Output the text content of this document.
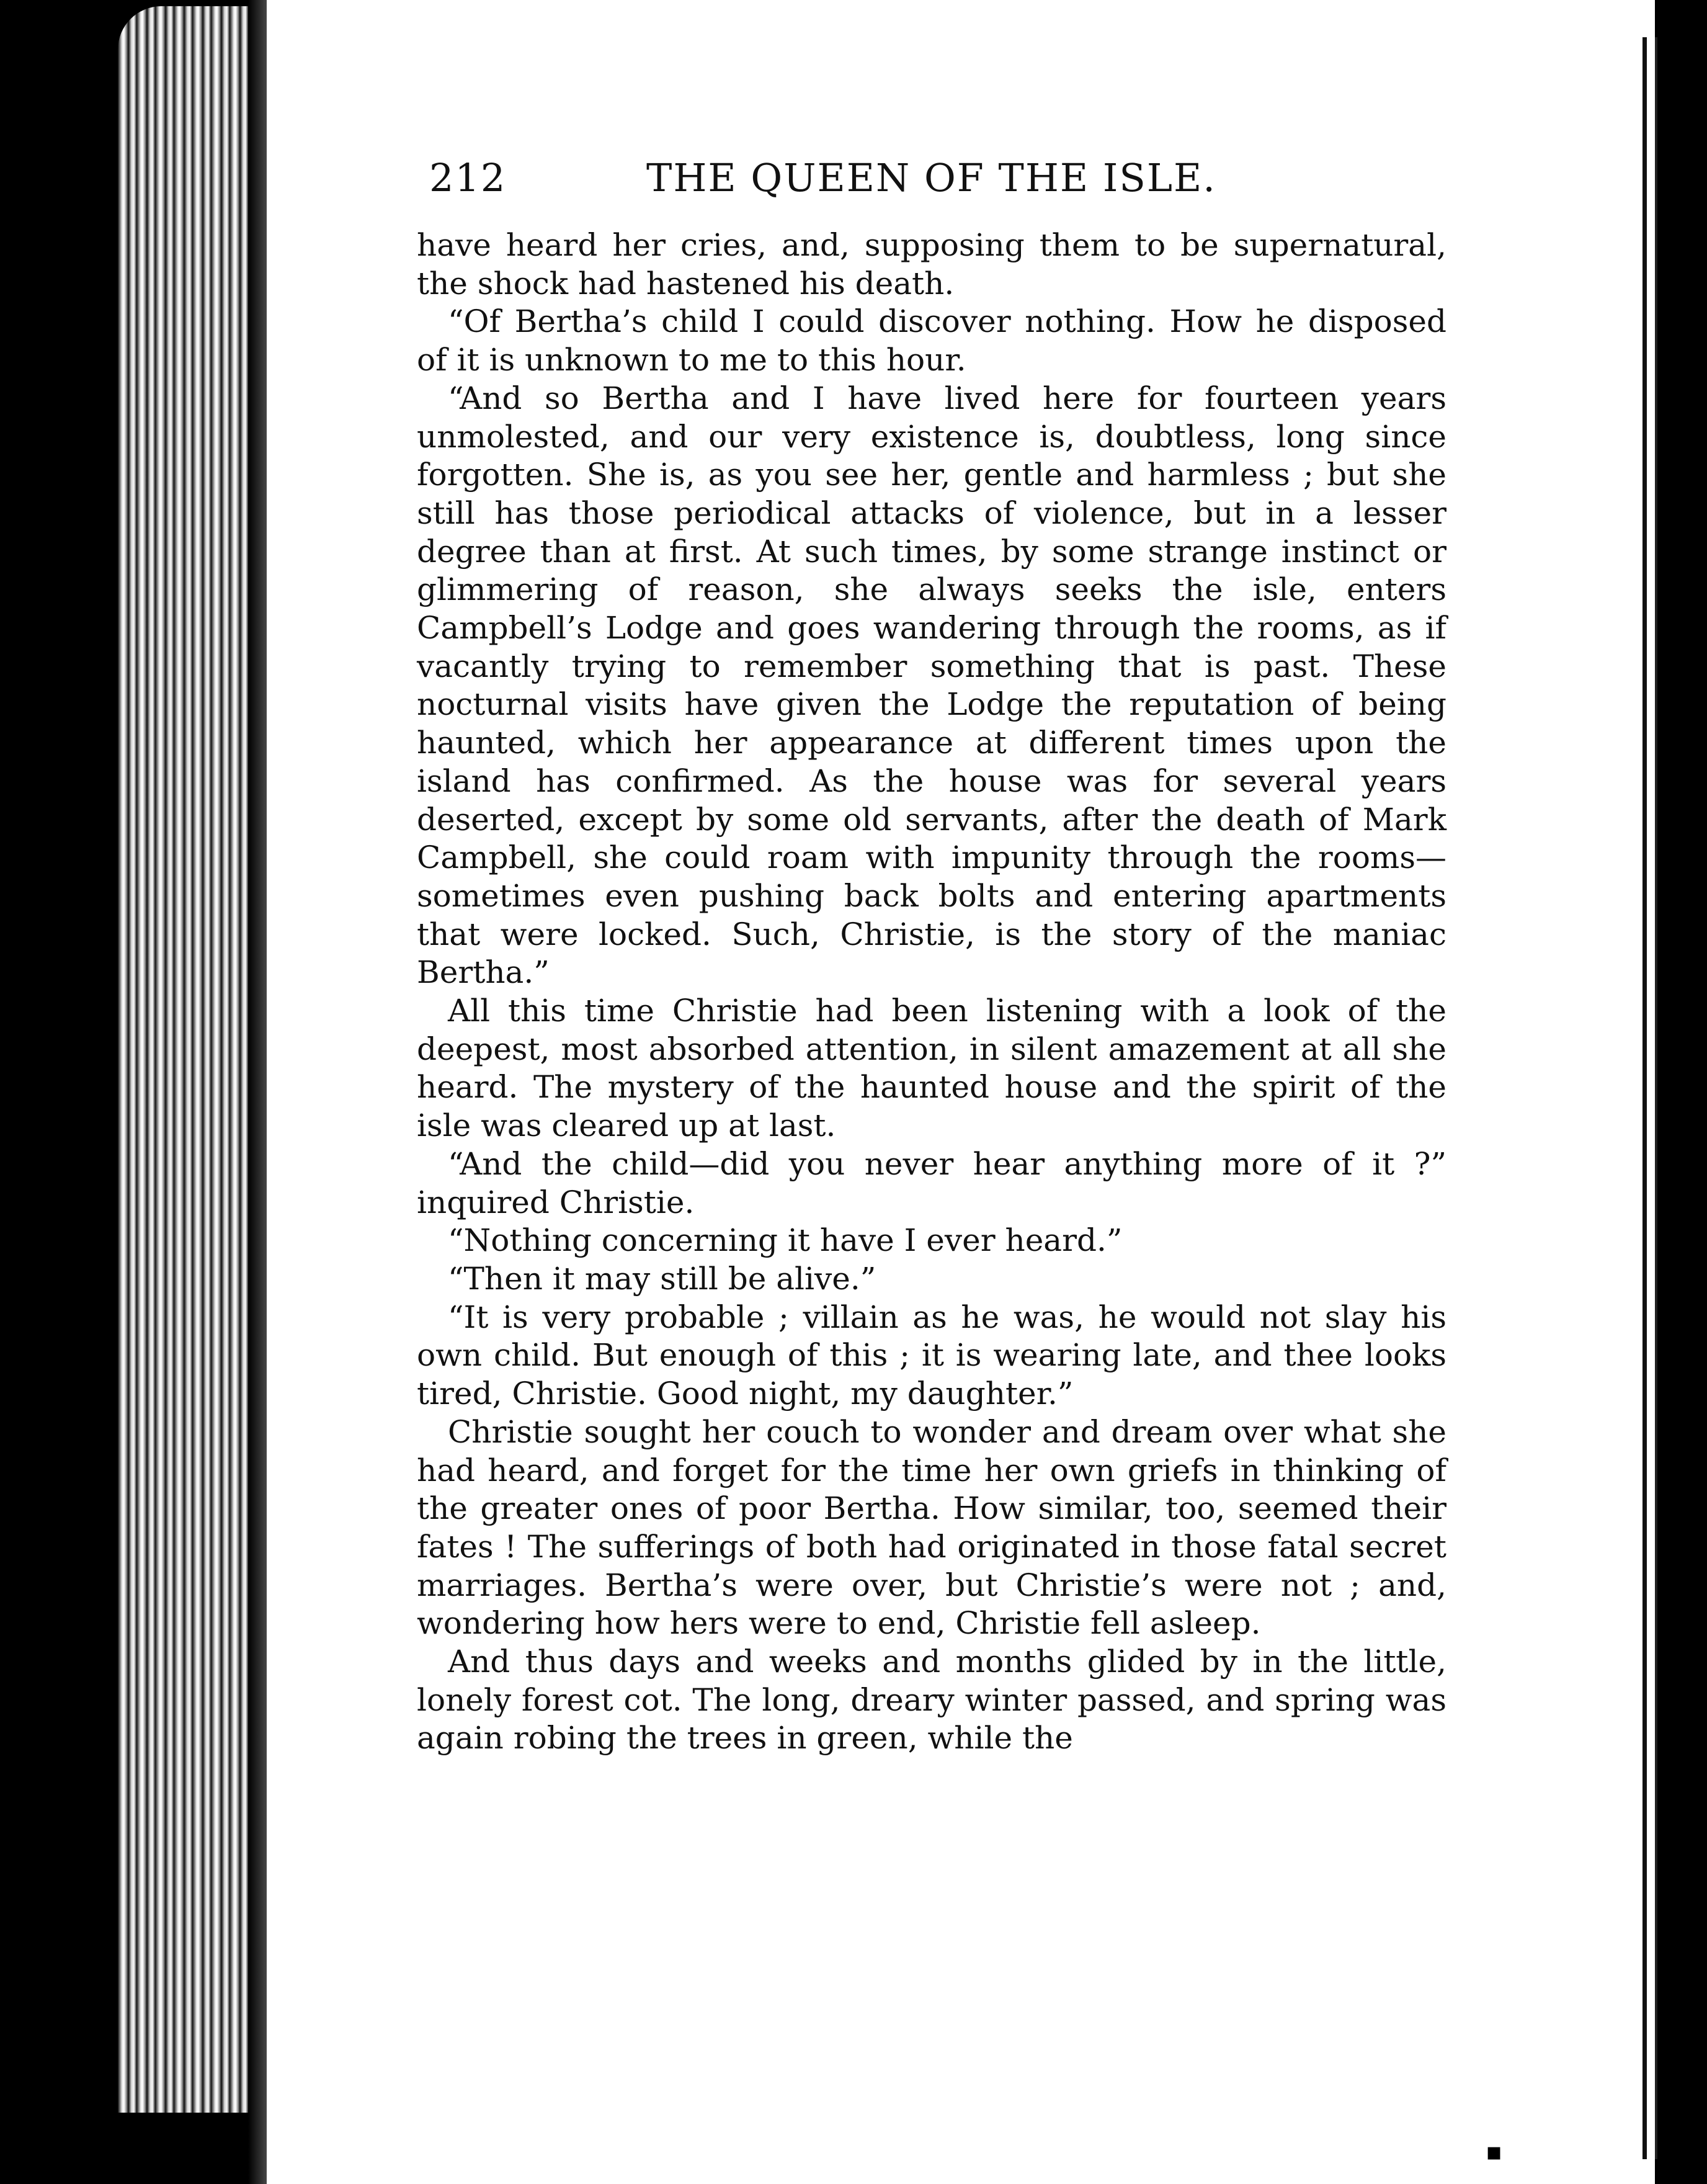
212	THE QUEEN OF THE ISLE.

have heard her cries, and, supposing them to be supernatural, the shock had hastened his death.

“Of Bertha’s child I could discover nothing. How he disposed of it is unknown to me to this hour.

“And so Bertha and I have lived here for fourteen years unmolested, and our very existence is, doubtless, long since forgotten. She is, as you see her, gentle and harmless ; but she still has those periodical attacks of violence, but in a lesser degree than at first. At such times, by some strange instinct or glimmering of reason, she always seeks the isle, enters Campbell’s Lodge and goes wandering through the rooms, as if vacantly trying to remember something that is past. These nocturnal visits have given the Lodge the reputation of being haunted, which her appearance at different times upon the island has confirmed. As the house was for several years deserted, except by some old servants, after the death of Mark Campbell, she could roam with impunity through the rooms—sometimes even pushing back bolts and entering apartments that were locked. Such, Christie, is the story of the maniac Bertha.”

All this time Christie had been listening with a look of the deepest, most absorbed attention, in silent amazement at all she heard. The mystery of the haunted house and the spirit of the isle was cleared up at last.

“And the child—did you never hear anything more of it ?” inquired Christie.

“Nothing concerning it have I ever heard.”

“Then it may still be alive.”

“It is very probable ; villain as he was, he would not slay his own child. But enough of this ; it is wearing late, and thee looks tired, Christie. Good night, my daughter.”

Christie sought her couch to wonder and dream over what she had heard, and forget for the time her own griefs in thinking of the greater ones of poor Bertha. How similar, too, seemed their fates ! The sufferings of both had originated in those fatal secret marriages. Bertha’s were over, but Christie’s were not ; and, wondering how hers were to end, Christie fell asleep.

And thus days and weeks and months glided by in the little, lonely forest cot. The long, dreary winter passed, and spring was again robing the trees in green, while the

▪
•
